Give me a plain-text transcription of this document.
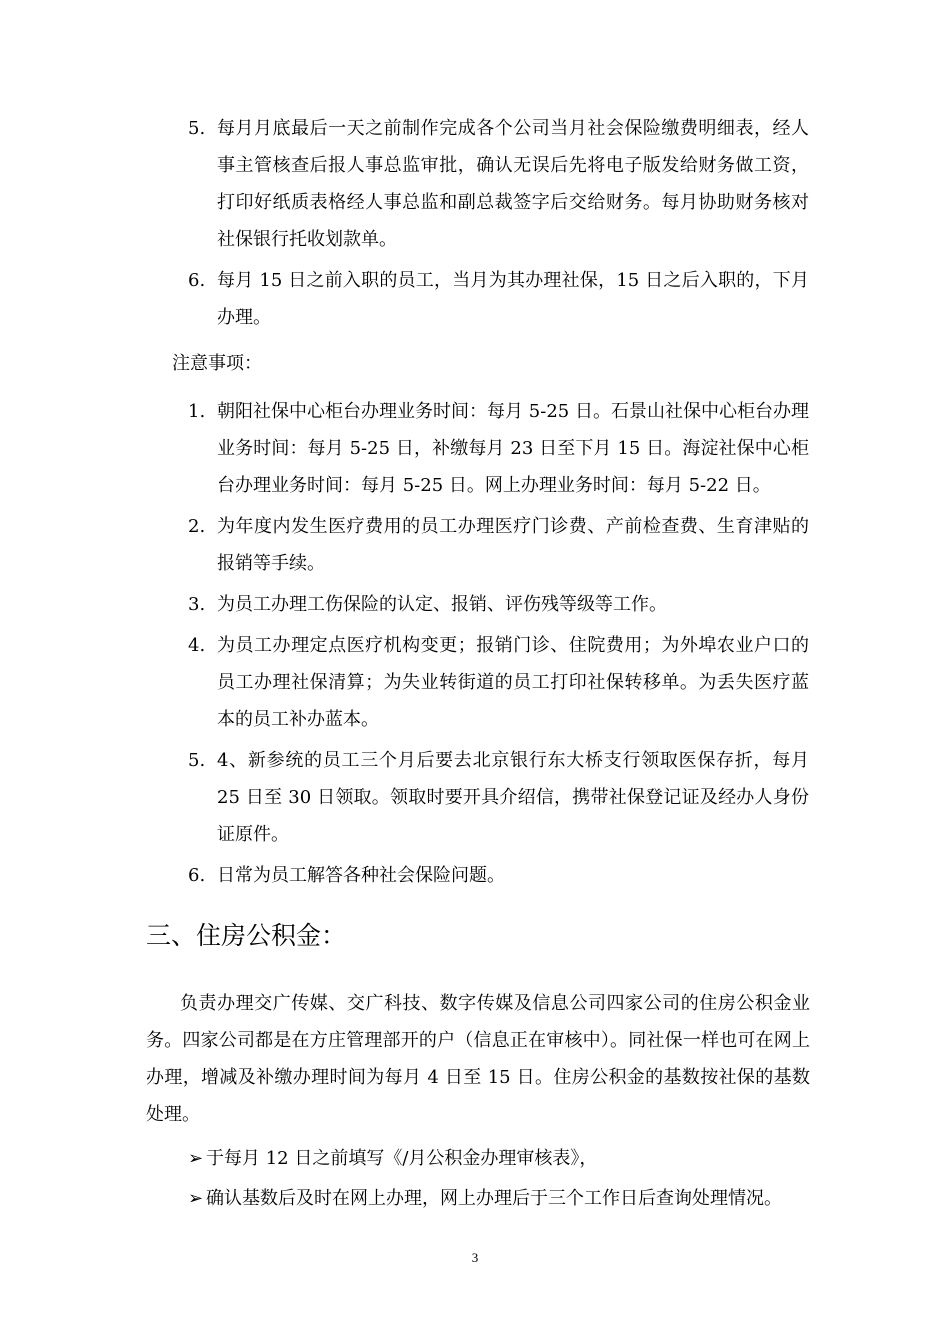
5. 每月月底最后一天之前制作完成各个公司当月社会保险缴费明细表，经人事主管核查后报人事总监审批，确认无误后先将电子版发给财务做工资，打印好纸质表格经人事总监和副总裁签字后交给财务。每月协助财务核对社保银行托收划款单。
6. 每月 15 日之前入职的员工，当月为其办理社保，15 日之后入职的，下月办理。
注意事项：
1. 朝阳社保中心柜台办理业务时间：每月 5-25 日。石景山社保中心柜台办理业务时间：每月 5-25 日，补缴每月 23 日至下月 15 日。海淀社保中心柜台办理业务时间：每月 5-25 日。网上办理业务时间：每月 5-22 日。
2. 为年度内发生医疗费用的员工办理医疗门诊费、产前检查费、生育津贴的报销等手续。
3. 为员工办理工伤保险的认定、报销、评伤残等级等工作。
4. 为员工办理定点医疗机构变更；报销门诊、住院费用；为外埠农业户口的员工办理社保清算；为失业转街道的员工打印社保转移单。为丢失医疗蓝本的员工补办蓝本。
5. 4、新参统的员工三个月后要去北京银行东大桥支行领取医保存折，每月 25 日至 30 日领取。领取时要开具介绍信，携带社保登记证及经办人身份证原件。
6. 日常为员工解答各种社会保险问题。
三、住房公积金：
负责办理交广传媒、交广科技、数字传媒及信息公司四家公司的住房公积金业务。四家公司都是在方庄管理部开的户（信息正在审核中）。同社保一样也可在网上办理，增减及补缴办理时间为每月 4 日至 15 日。住房公积金的基数按社保的基数处理。
➢ 于每月 12 日之前填写《/月公积金办理审核表》，
➢ 确认基数后及时在网上办理，网上办理后于三个工作日后查询处理情况。
3
